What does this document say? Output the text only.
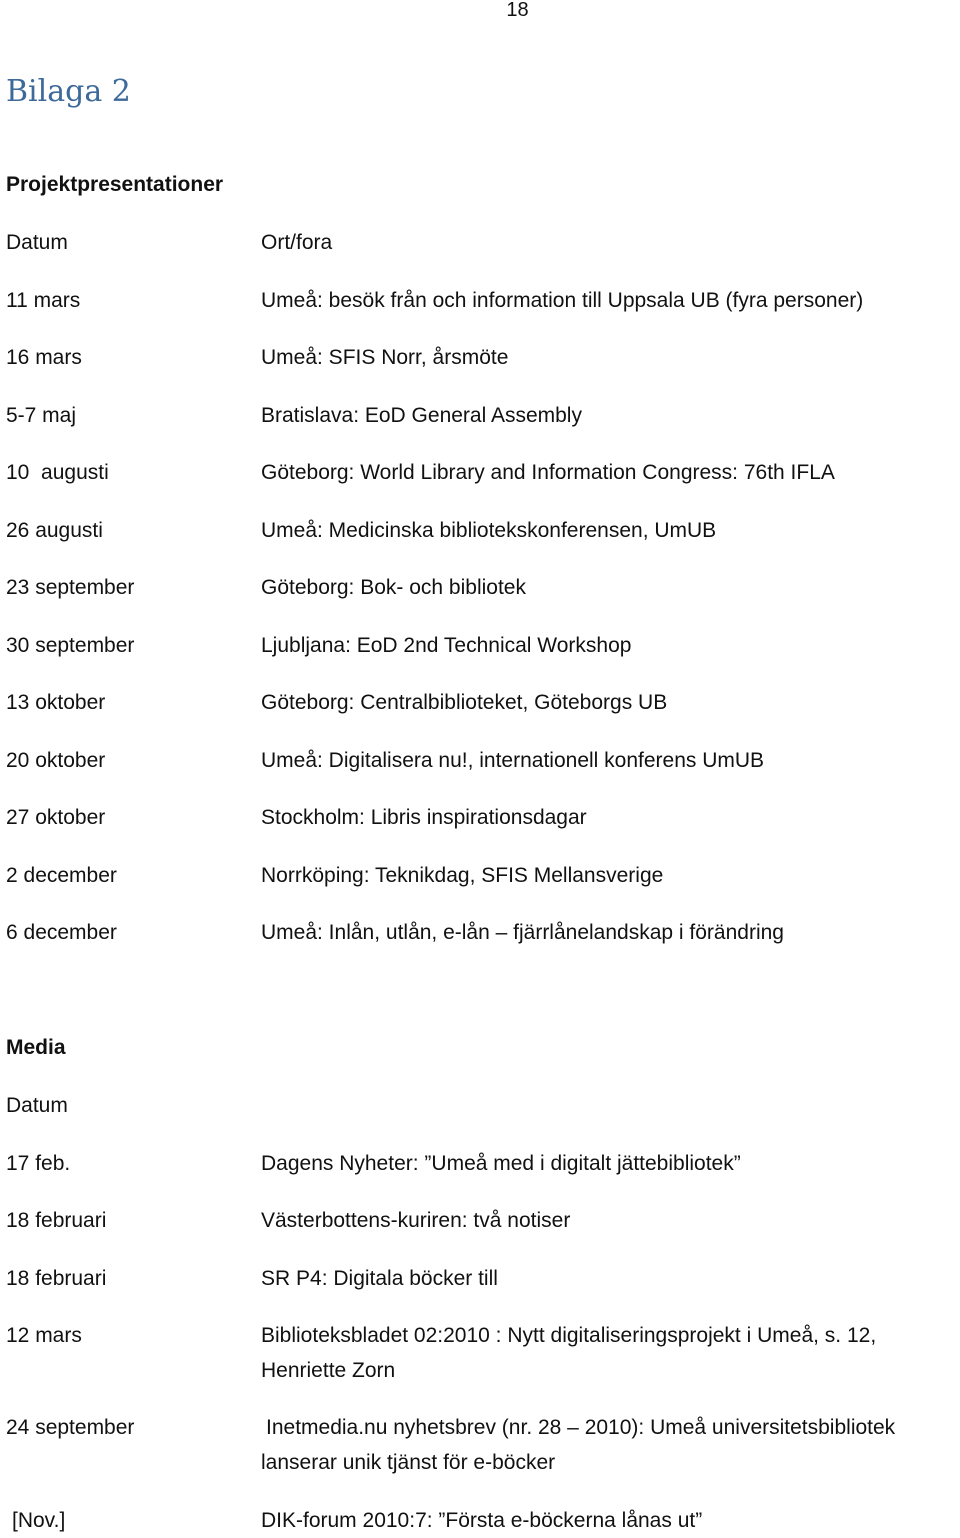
18
Bilaga 2
Projektpresentationer
Datum	Ort/fora
11 mars	Umeå: besök från och information till Uppsala UB (fyra personer)
16 mars	Umeå: SFIS Norr, årsmöte
5-7 maj	Bratislava: EoD General Assembly
10  augusti	Göteborg: World Library and Information Congress: 76th IFLA
26 augusti	Umeå: Medicinska bibliotekskonferensen, UmUB
23 september	Göteborg: Bok- och bibliotek
30 september	Ljubljana: EoD 2nd Technical Workshop
13 oktober	Göteborg: Centralbiblioteket, Göteborgs UB
20 oktober	Umeå: Digitalisera nu!, internationell konferens UmUB
27 oktober	Stockholm: Libris inspirationsdagar
2 december	Norrköping: Teknikdag, SFIS Mellansverige
6 december	Umeå: Inlån, utlån, e-lån – fjärrlånelandskap i förändring
Media
Datum
17 feb.	Dagens Nyheter: ”Umeå med i digitalt jättebibliotek”
18 februari	Västerbottens-kuriren: två notiser
18 februari	SR P4: Digitala böcker till
12 mars	Biblioteksbladet 02:2010 : Nytt digitaliseringsprojekt i Umeå, s. 12,
Henriette Zorn
24 september	Inetmedia.nu nyhetsbrev (nr. 28 – 2010): Umeå universitetsbibliotek
lanserar unik tjänst för e-böcker
[Nov.]	DIK-forum 2010:7: ”Första e-böckerna lånas ut”
